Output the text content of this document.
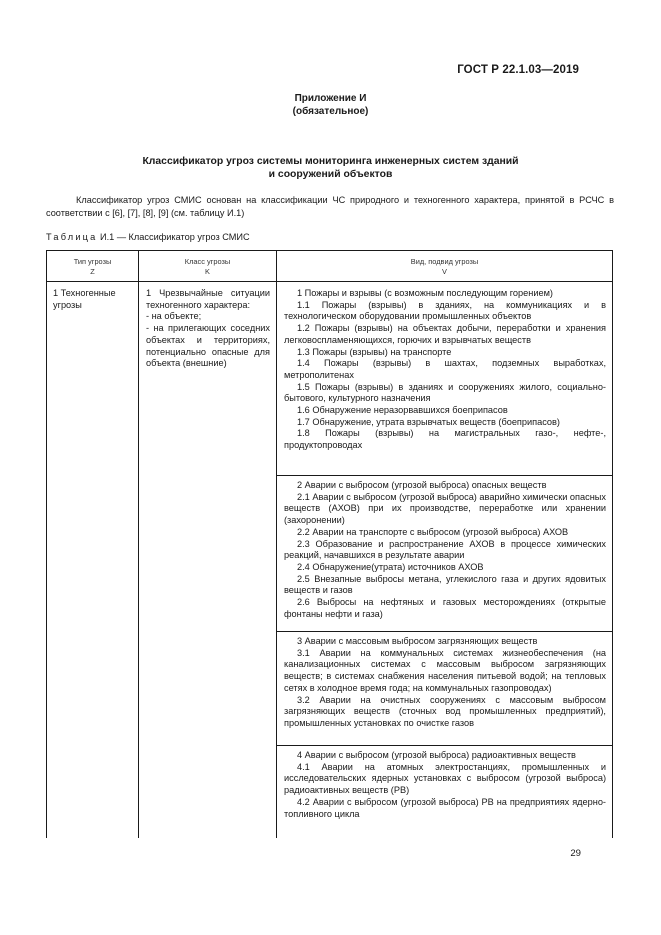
ГОСТ Р 22.1.03—2019
Приложение И
(обязательное)
Классификатор угроз системы мониторинга инженерных систем зданий
и сооружений объектов

Классификатор угроз СМИС основан на классификации ЧС природного и техногенного характера, принятой в РСЧС в соответствии с [6], [7], [8], [9] (см. таблицу И.1)

Таблица И.1 — Классификатор угроз СМИС
Тип угрозы
Z
Класс угрозы
K
Вид, подвид угрозы
V

1 Техногенные угрозы

1 Чрезвычайные ситуации техногенного характера:

- на объекте;

- на прилегающих соседних объектах и территориях, потенциально опасные для объекта (внешние)

1 Пожары и взрывы (с возможным последующим горением)

1.1 Пожары (взрывы) в зданиях, на коммуникациях и в технологическом оборудовании промышленных объектов

1.2 Пожары (взрывы) на объектах добычи, переработки и хранения легковоспламеняющихся, горючих и взрывчатых веществ

1.3 Пожары (взрывы) на транспорте

1.4 Пожары (взрывы) в шахтах, подземных выработках, метрополитенах

1.5 Пожары (взрывы) в зданиях и сооружениях жилого, социально-бытового, культурного назначения

1.6 Обнаружение неразорвавшихся боеприпасов

1.7 Обнаружение, утрата взрывчатых веществ (боеприпасов)

1.8 Пожары (взрывы) на магистральных газо-, нефте-, продуктопроводах

2 Аварии с выбросом (угрозой выброса) опасных веществ

2.1 Аварии с выбросом (угрозой выброса) аварийно химически опасных веществ (АХОВ) при их производстве, переработке или хранении (захоронении)

2.2 Аварии на транспорте с выбросом (угрозой выброса) АХОВ

2.3 Образование и распространение АХОВ в процессе химических реакций, начавшихся в результате аварии

2.4 Обнаружение(утрата) источников АХОВ

2.5 Внезапные выбросы метана, углекислого газа и других ядовитых веществ и газов

2.6 Выбросы на нефтяных и газовых месторождениях (открытые фонтаны нефти и газа)

3 Аварии с массовым выбросом загрязняющих веществ

3.1 Аварии на коммунальных системах жизнеобеспечения (на канализационных системах с массовым выбросом загрязняющих веществ; в системах снабжения населения питьевой водой; на тепловых сетях в холодное время года; на коммунальных газопроводах)

3.2 Аварии на очистных сооружениях с массовым выбросом загрязняющих веществ (сточных вод промышленных предприятий), промышленных установках по очистке газов

4 Аварии с выбросом (угрозой выброса) радиоактивных веществ

4.1 Аварии на атомных электростанциях, промышленных и исследовательских ядерных установках с выбросом (угрозой выброса) радиоактивных веществ (РВ)

4.2 Аварии с выбросом (угрозой выброса) РВ на предприятиях ядерно-топливного цикла

29
